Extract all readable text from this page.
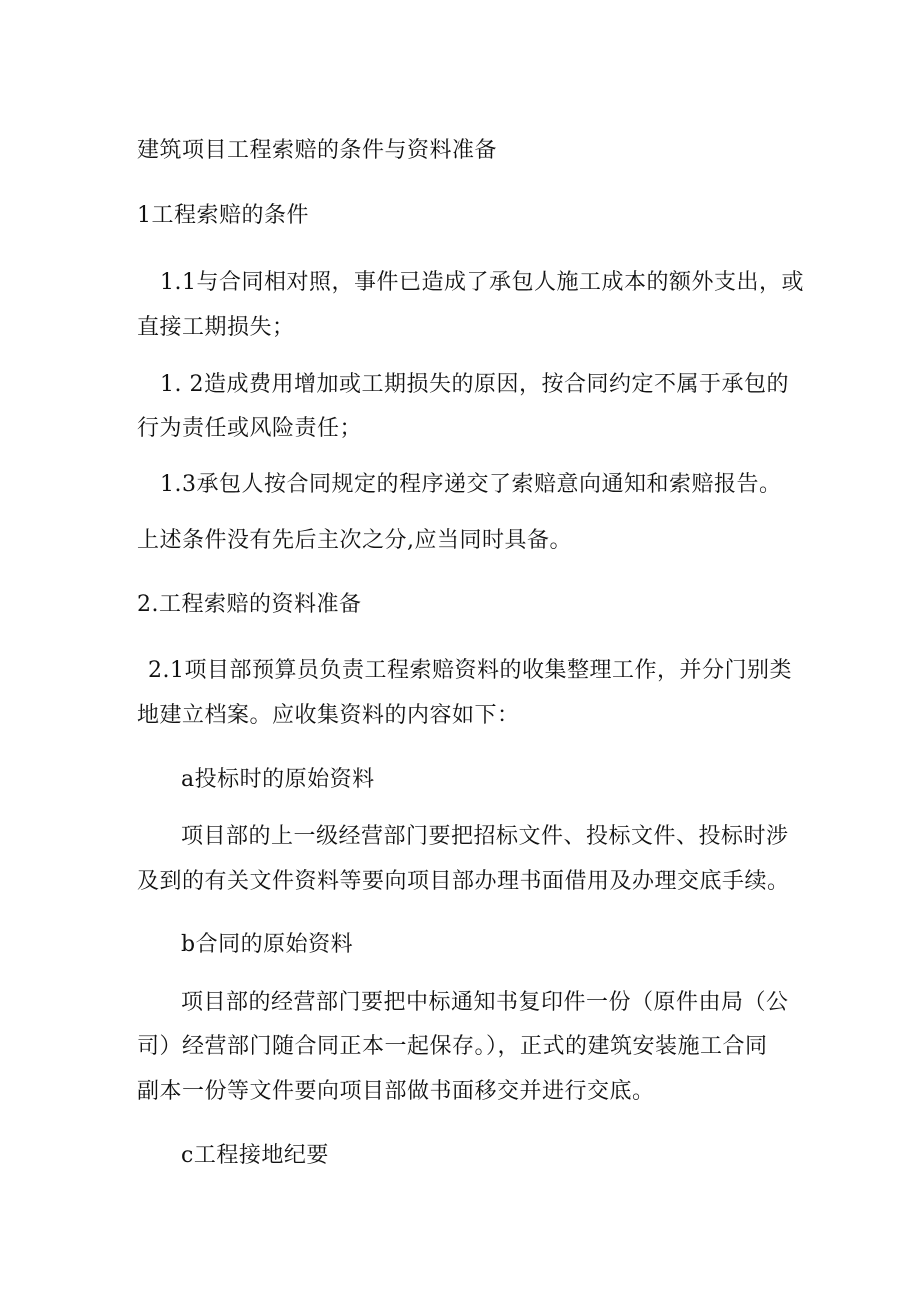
建筑项目工程索赔的条件与资料准备
1工程索赔的条件
1.1与合同相对照，事件已造成了承包人施工成本的额外支出，或
直接工期损失；
1. 2造成费用增加或工期损失的原因，按合同约定不属于承包的
行为责任或风险责任；
1.3承包人按合同规定的程序递交了索赔意向通知和索赔报告。
上述条件没有先后主次之分,应当同时具备。
2.工程索赔的资料准备
2.1项目部预算员负责工程索赔资料的收集整理工作，并分门别类
地建立档案。应收集资料的内容如下：
a投标时的原始资料
项目部的上一级经营部门要把招标文件、投标文件、投标时涉
及到的有关文件资料等要向项目部办理书面借用及办理交底手续。
b合同的原始资料
项目部的经营部门要把中标通知书复印件一份（原件由局（公
司）经营部门随合同正本一起保存。），正式的建筑安装施工合同
副本一份等文件要向项目部做书面移交并进行交底。
c工程接地纪要
